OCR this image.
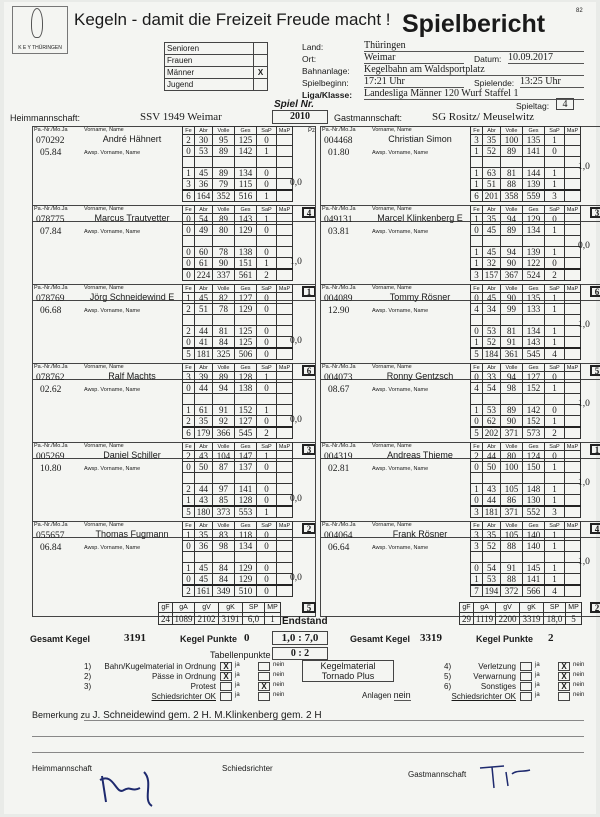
K E Y THÜRINGEN
Kegeln - damit die Freizeit Freude macht ! Spielbericht	82
Senioren	
Frauen	
Männer	X
Jugend	
Land:	Thüringen
Ort:	Weimar	Datum: 10.09.2017
Bahnanlage: Kegelbahn am Waldsportplatz
Spielbeginn: 17:21 Uhr	Spielende: 13:25 Uhr
Liga/Klasse: Landesliga Männer 120 Wurf Staffel 1
Spieltag:	4
Spiel Nr.
2010
Heimmannschaft:	SSV 1949 Weimar	Gastmannschaft:	SG Rositz/ Meuselwitz
Pa.-Nr./Mo.Ja	Vorname, Name
Awsp. Vorname, Name
070292
05.84
André Hähnert
Fe	Abr	Volle	Ges	SaP	MaP
2	30	95	125	0	
0	53	89	142	1	

1	45	89	134	0	
3	36	79	115	0	
6	164	352	516	1	
0,0
4
Pz
Pa.-Nr./Mo.Ja	Vorname, Name
Awsp. Vorname, Name
078775
07.84
Marcus Trautvetter
Fe	Abr	Volle	Ges	SaP	MaP
0	54	89	143	1	
0	49	80	129	0	

0	60	78	138	0	
0	61	90	151	1	
0	224	337	561	2	
1,0
1
Pa.-Nr./Mo.Ja	Vorname, Name
Awsp. Vorname, Name
078769
06.68
Jörg Schneidewind E
Fe	Abr	Volle	Ges	SaP	MaP
1	45	82	127	0	
2	51	78	129	0	

2	44	81	125	0	
0	41	84	125	0	
5	181	325	506	0	
0,0
6
Pa.-Nr./Mo.Ja	Vorname, Name
Awsp. Vorname, Name
078762
02.62
Ralf Machts
Fe	Abr	Volle	Ges	SaP	MaP
3	39	89	128	1	
0	44	94	138	0	

1	61	91	152	1	
2	35	92	127	0	
6	179	366	545	2	
0,0
3
Pa.-Nr./Mo.Ja	Vorname, Name
Awsp. Vorname, Name
005269
10.80
Daniel Schiller
Fe	Abr	Volle	Ges	SaP	MaP
2	43	104	147	1	
0	50	87	137	0	

2	44	97	141	0	
1	43	85	128	0	
5	180	373	553	1	
0,0
2
Pa.-Nr./Mo.Ja	Vorname, Name
Awsp. Vorname, Name
055657
06.84
Thomas Fugmann
Fe	Abr	Volle	Ges	SaP	MaP
1	35	83	118	0	
0	36	98	134	0	

1	45	84	129	0	
0	45	84	129	0	
2	161	349	510	0	
0,0
5
Pa.-Nr./Mo.Ja	Vorname, Name
Awsp. Vorname, Name
004468
01.80
Christian Simon
Fe	Abr	Volle	Ges	SaP	MaP
3	35	100	135	1	
1	52	89	141	0	

1	63	81	144	1	
1	51	88	139	1	
6	201	358	559	3	
1,0
3
Pa.-Nr./Mo.Ja	Vorname, Name
Awsp. Vorname, Name
049131
03.81
Marcel Klinkenberg E
Fe	Abr	Volle	Ges	SaP	MaP
1	35	94	129	0	
0	45	89	134	1	

1	45	94	139	1	
1	32	90	122	0	
3	157	367	524	2	
0,0
6
Pa.-Nr./Mo.Ja	Vorname, Name
Awsp. Vorname, Name
004089
12.90
Tommy Rösner
Fe	Abr	Volle	Ges	SaP	MaP
0	45	90	135	1	
4	34	99	133	1	

0	53	81	134	1	
1	52	91	143	1	
5	184	361	545	4	
1,0
5
Pa.-Nr./Mo.Ja	Vorname, Name
Awsp. Vorname, Name
004073
08.67
Ronny Gentzsch
Fe	Abr	Volle	Ges	SaP	MaP
0	33	94	127	0	
4	54	98	152	1	

1	53	89	142	0	
0	62	90	152	1	
5	202	371	573	2	
1,0
1
Pa.-Nr./Mo.Ja	Vorname, Name
Awsp. Vorname, Name
004319
02.81
Andreas Thieme
Fe	Abr	Volle	Ges	SaP	MaP
2	44	80	124	0	
0	50	100	150	1	

1	43	105	148	1	
0	44	86	130	1	
3	181	371	552	3	
1,0
4
Pa.-Nr./Mo.Ja	Vorname, Name
Awsp. Vorname, Name
004064
06.64
Frank Rösner
Fe	Abr	Volle	Ges	SaP	MaP
3	35	105	140	1	
3	52	88	140	1	

0	54	91	145	1	
1	53	88	141	1	
7	194	372	566	4	
1,0
2
gF	gA	gV	gK	SP	MP
24	1089	2102	3191	6,0	1
gF	gA	gV	gK	SP	MP
29	1119	2200	3319	18,0	5
Endstand
Gesamt Kegel	3191	Kegel Punkte 0	1,0 : 7,0
Tabellenpunkte	0 : 2
Gesamt Kegel 3319	Kegel Punkte 2
1)	Bahn/Kugelmaterial in Ordnung X	ja	nein
2)	Pässe in Ordnung X	ja	nein
3)	Protest	ja	X	nein
Schiedsrichter OK	ja	nein
4)	Verletzung	ja	X	nein
5)	Verwarnung	ja	X	nein
6)	Sonstiges	ja	X	nein
Schiedsrichter OK	ja	nein
Kegelmaterial
Tornado Plus
Anlagen nein
Bemerkung zu J. Schneidewind gem. 2 H. M.Klinkenberg gem. 2 H
Heimmannschaft	Schiedsrichter
Gastmannschaft
